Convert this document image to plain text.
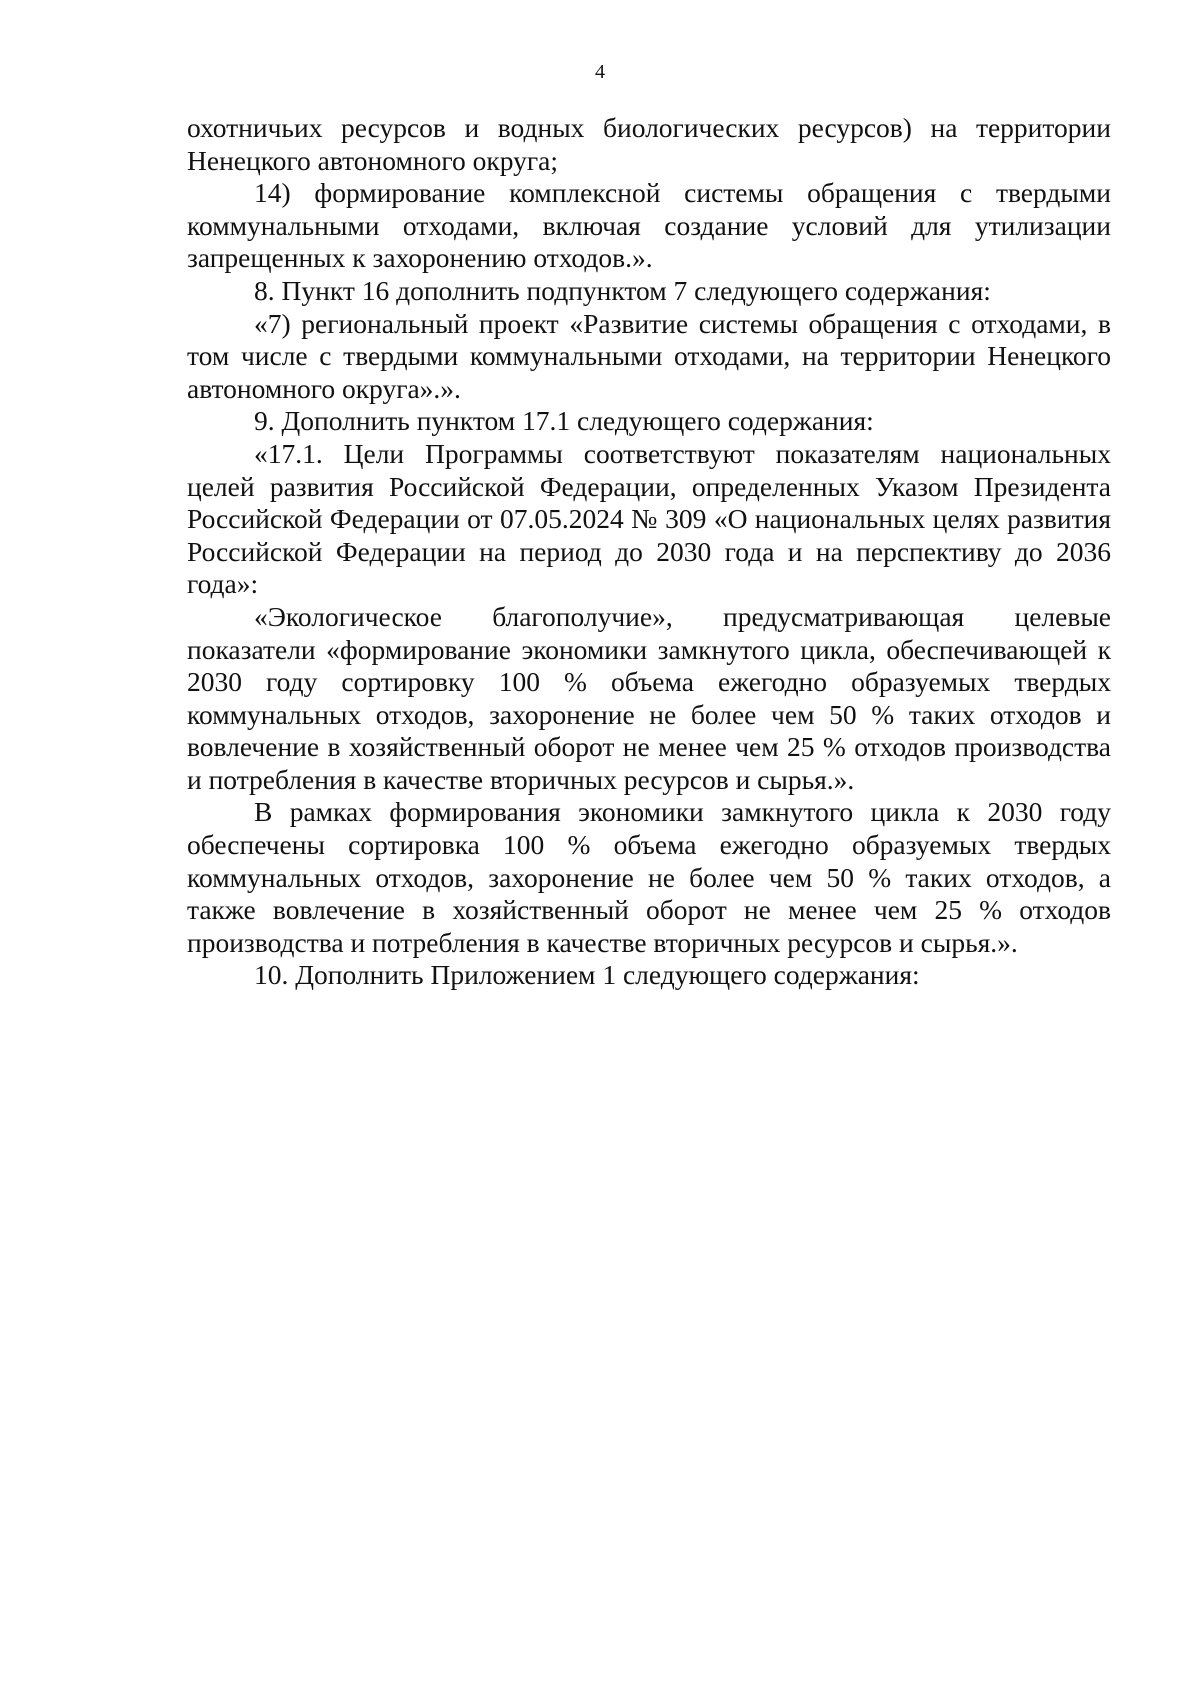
4

охотничьих ресурсов и водных биологических ресурсов) на территории Ненецкого автономного округа;

14) формирование комплексной системы обращения с твердыми коммунальными отходами, включая создание условий для утилизации запрещенных к захоронению отходов.».

8. Пункт 16 дополнить подпунктом 7 следующего содержания:

«7) региональный проект «Развитие системы обращения с отходами, в том числе с твердыми коммунальными отходами, на территории Ненецкого автономного округа».».

9. Дополнить пунктом 17.1 следующего содержания:

«17.1. Цели Программы соответствуют показателям национальных целей развития Российской Федерации, определенных Указом Президента Российской Федерации от 07.05.2024 № 309 «О национальных целях развития Российской Федерации на период до 2030 года и на перспективу до 2036 года»:

«Экологическое благополучие», предусматривающая целевые показатели «формирование экономики замкнутого цикла, обеспечивающей к 2030 году сортировку 100 % объема ежегодно образуемых твердых коммунальных отходов, захоронение не более чем 50 % таких отходов и вовлечение в хозяйственный оборот не менее чем 25 % отходов производства и потребления в качестве вторичных ресурсов и сырья.».

В рамках формирования экономики замкнутого цикла к 2030 году обеспечены сортировка 100 % объема ежегодно образуемых твердых коммунальных отходов, захоронение не более чем 50 % таких отходов, а также вовлечение в хозяйственный оборот не менее чем 25 % отходов производства и потребления в качестве вторичных ресурсов и сырья.».

10. Дополнить Приложением 1 следующего содержания:
